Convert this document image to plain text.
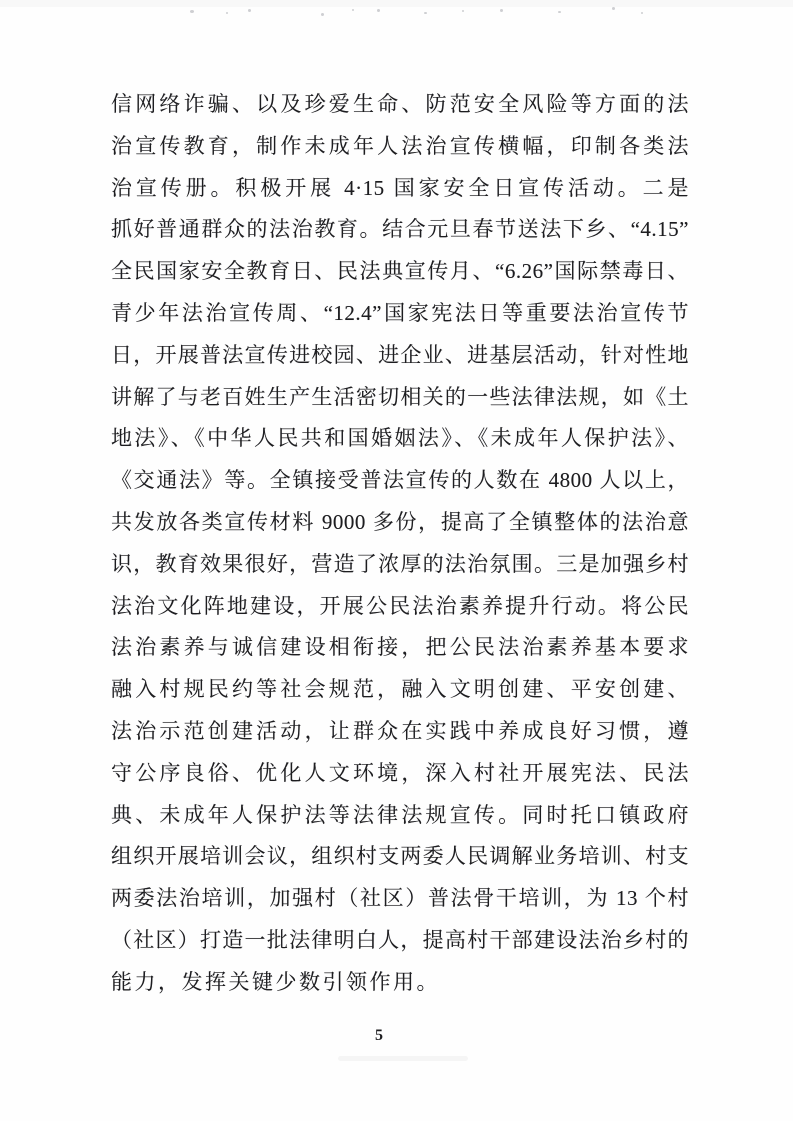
信网络诈骗、以及珍爱生命、防范安全风险等方面的法
治宣传教育，制作未成年人法治宣传横幅，印制各类法
治宣传册。积极开展 4·15 国家安全日宣传活动。二是
抓好普通群众的法治教育。结合元旦春节送法下乡、“4.15”
全民国家安全教育日、民法典宣传月、“6.26”国际禁毒日、
青少年法治宣传周、“12.4”国家宪法日等重要法治宣传节
日，开展普法宣传进校园、进企业、进基层活动，针对性地
讲解了与老百姓生产生活密切相关的一些法律法规，如《土
地法》、《中华人民共和国婚姻法》、《未成年人保护法》、
《交通法》等。全镇接受普法宣传的人数在 4800 人以上，
共发放各类宣传材料 9000 多份，提高了全镇整体的法治意
识，教育效果很好，营造了浓厚的法治氛围。三是加强乡村
法治文化阵地建设，开展公民法治素养提升行动。将公民
法治素养与诚信建设相衔接，把公民法治素养基本要求
融入村规民约等社会规范，融入文明创建、平安创建、
法治示范创建活动，让群众在实践中养成良好习惯，遵
守公序良俗、优化人文环境，深入村社开展宪法、民法
典、未成年人保护法等法律法规宣传。同时托口镇政府
组织开展培训会议，组织村支两委人民调解业务培训、村支
两委法治培训，加强村（社区）普法骨干培训，为 13 个村
（社区）打造一批法律明白人，提高村干部建设法治乡村的
能力，发挥关键少数引领作用。
5
